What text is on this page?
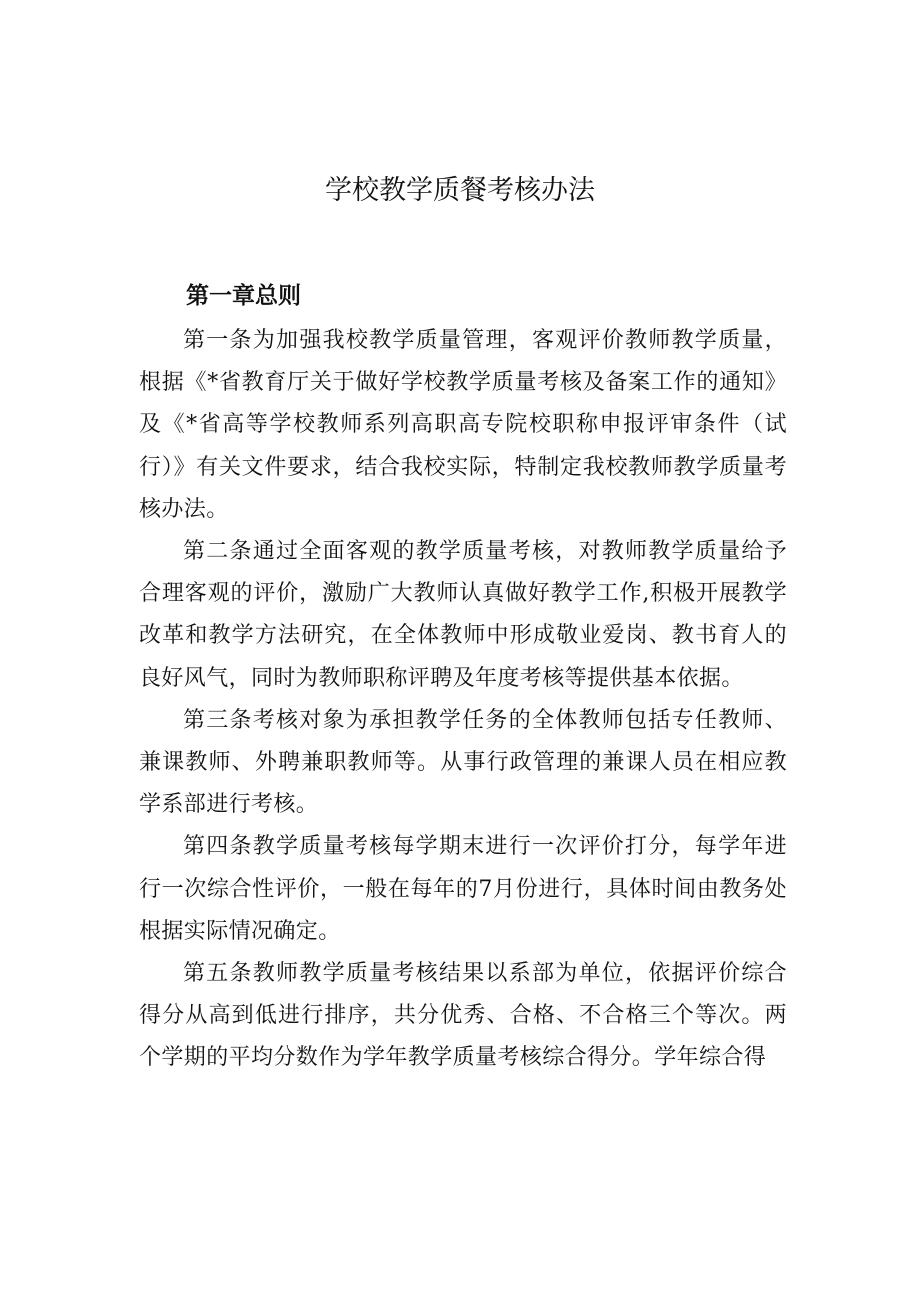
学校教学质餐考核办法
第一章总则

第一条为加强我校教学质量管理，客观评价教师教学质量，根据《*省教育厅关于做好学校教学质量考核及备案工作的通知》及《*省高等学校教师系列高职高专院校职称申报评审条件（试行）》有关文件要求，结合我校实际，特制定我校教师教学质量考核办法。

第二条通过全面客观的教学质量考核，对教师教学质量给予合理客观的评价，激励广大教师认真做好教学工作,积极开展教学改革和教学方法研究，在全体教师中形成敬业爱岗、教书育人的良好风气，同时为教师职称评聘及年度考核等提供基本依据。

第三条考核对象为承担教学任务的全体教师包括专任教师、兼课教师、外聘兼职教师等。从事行政管理的兼课人员在相应教学系部进行考核。

第四条教学质量考核每学期末进行一次评价打分，每学年进行一次综合性评价，一般在每年的7月份进行，具体时间由教务处根据实际情况确定。

第五条教师教学质量考核结果以系部为单位，依据评价综合得分从高到低进行排序，共分优秀、合格、不合格三个等次。两个学期的平均分数作为学年教学质量考核综合得分。学年综合得
